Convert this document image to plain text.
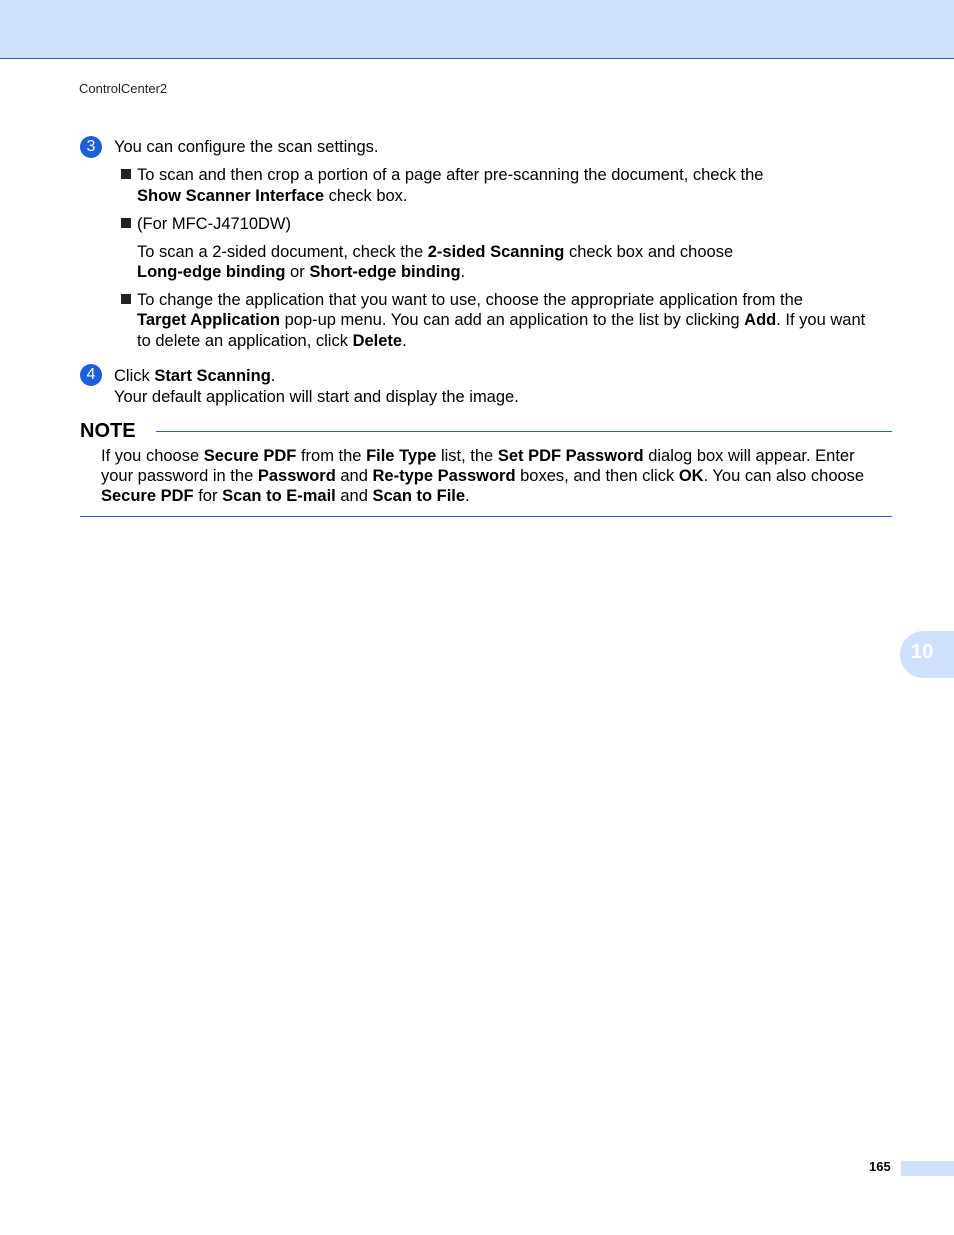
ControlCenter2
3	You can configure the scan settings.
To scan and then crop a portion of a page after pre-scanning the document, check the
Show Scanner Interface check box.
(For MFC-J4710DW)
To scan a 2-sided document, check the 2-sided Scanning check box and choose
Long-edge binding or Short-edge binding.
To change the application that you want to use, choose the appropriate application from the
Target Application pop-up menu. You can add an application to the list by clicking Add. If you want
to delete an application, click Delete.
4	Click Start Scanning.
Your default application will start and display the image.
NOTE
If you choose Secure PDF from the File Type list, the Set PDF Password dialog box will appear. Enter
your password in the Password and Re-type Password boxes, and then click OK. You can also choose
Secure PDF for Scan to E-mail and Scan to File.
10
165
